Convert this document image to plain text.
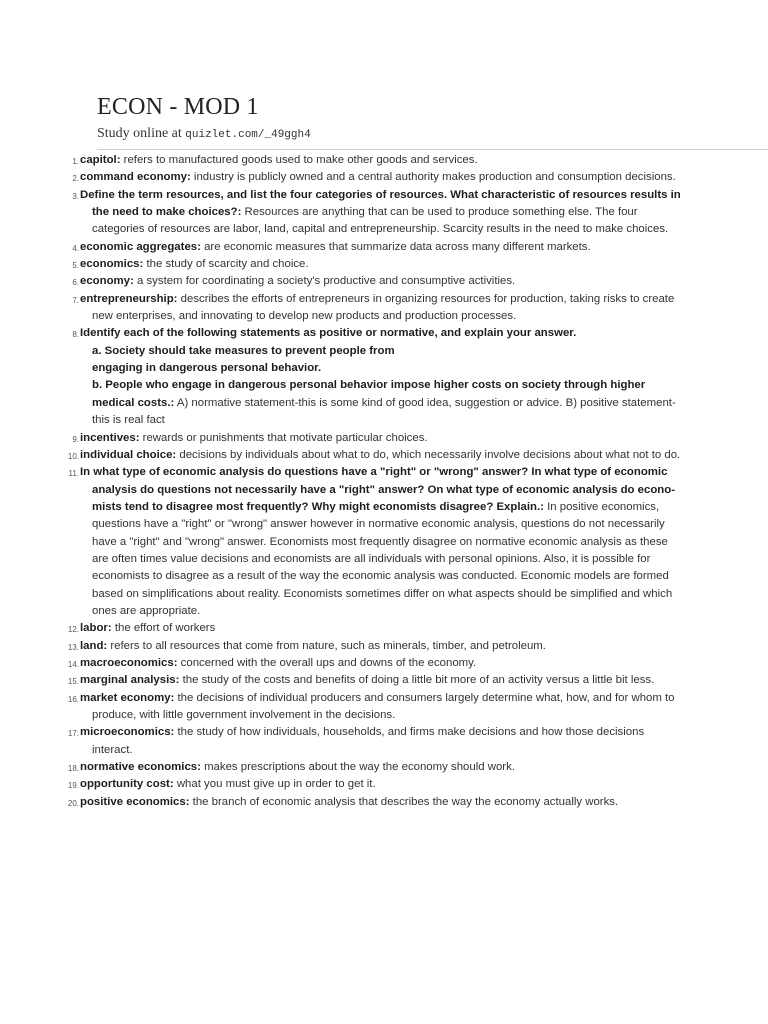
ECON - MOD 1
Study online at quizlet.com/_49ggh4
1. capitol: refers to manufactured goods used to make other goods and services.
2. command economy: industry is publicly owned and a central authority makes production and consumption decisions.
3. Define the term resources, and list the four categories of resources. What characteristic of resources results in the need to make choices?: Resources are anything that can be used to produce something else. The four categories of resources are labor, land, capital and entrepreneurship. Scarcity results in the need to make choices.
4. economic aggregates: are economic measures that summarize data across many different markets.
5. economics: the study of scarcity and choice.
6. economy: a system for coordinating a society's productive and consumptive activities.
7. entrepreneurship: describes the efforts of entrepreneurs in organizing resources for production, taking risks to create new enterprises, and innovating to develop new products and production processes.
8. Identify each of the following statements as positive or normative, and explain your answer.
a. Society should take measures to prevent people from
engaging in dangerous personal behavior.
b. People who engage in dangerous personal behavior impose higher costs on society through higher medical costs.: A) normative statement-this is some kind of good idea, suggestion or advice. B) positive statement-this is real fact
9. incentives: rewards or punishments that motivate particular choices.
10. individual choice: decisions by individuals about what to do, which necessarily involve decisions about what not to do.
11. In what type of economic analysis do questions have a "right" or "wrong" answer? In what type of economic analysis do questions not necessarily have a "right" answer? On what type of economic analysis do econo- mists tend to disagree most frequently? Why might economists disagree? Explain.: In positive economics, questions have a "right" or "wrong" answer however in normative economic analysis, questions do not necessarily have a "right" and "wrong" answer. Economists most frequently disagree on normative economic analysis as these are often times value decisions and economists are all individuals with personal opinions. Also, it is possible for economists to disagree as a result of the way the economic analysis was conducted. Economic models are formed based on simplifications about reality. Economists sometimes differ on what aspects should be simplified and which ones are appropriate.
12. labor: the effort of workers
13. land: refers to all resources that come from nature, such as minerals, timber, and petroleum.
14. macroeconomics: concerned with the overall ups and downs of the economy.
15. marginal analysis: the study of the costs and benefits of doing a little bit more of an activity versus a little bit less.
16. market economy: the decisions of individual producers and consumers largely determine what, how, and for whom to produce, with little government involvement in the decisions.
17. microeconomics: the study of how individuals, households, and firms make decisions and how those decisions interact.
18. normative economics: makes prescriptions about the way the economy should work.
19. opportunity cost: what you must give up in order to get it.
20. positive economics: the branch of economic analysis that describes the way the economy actually works.
